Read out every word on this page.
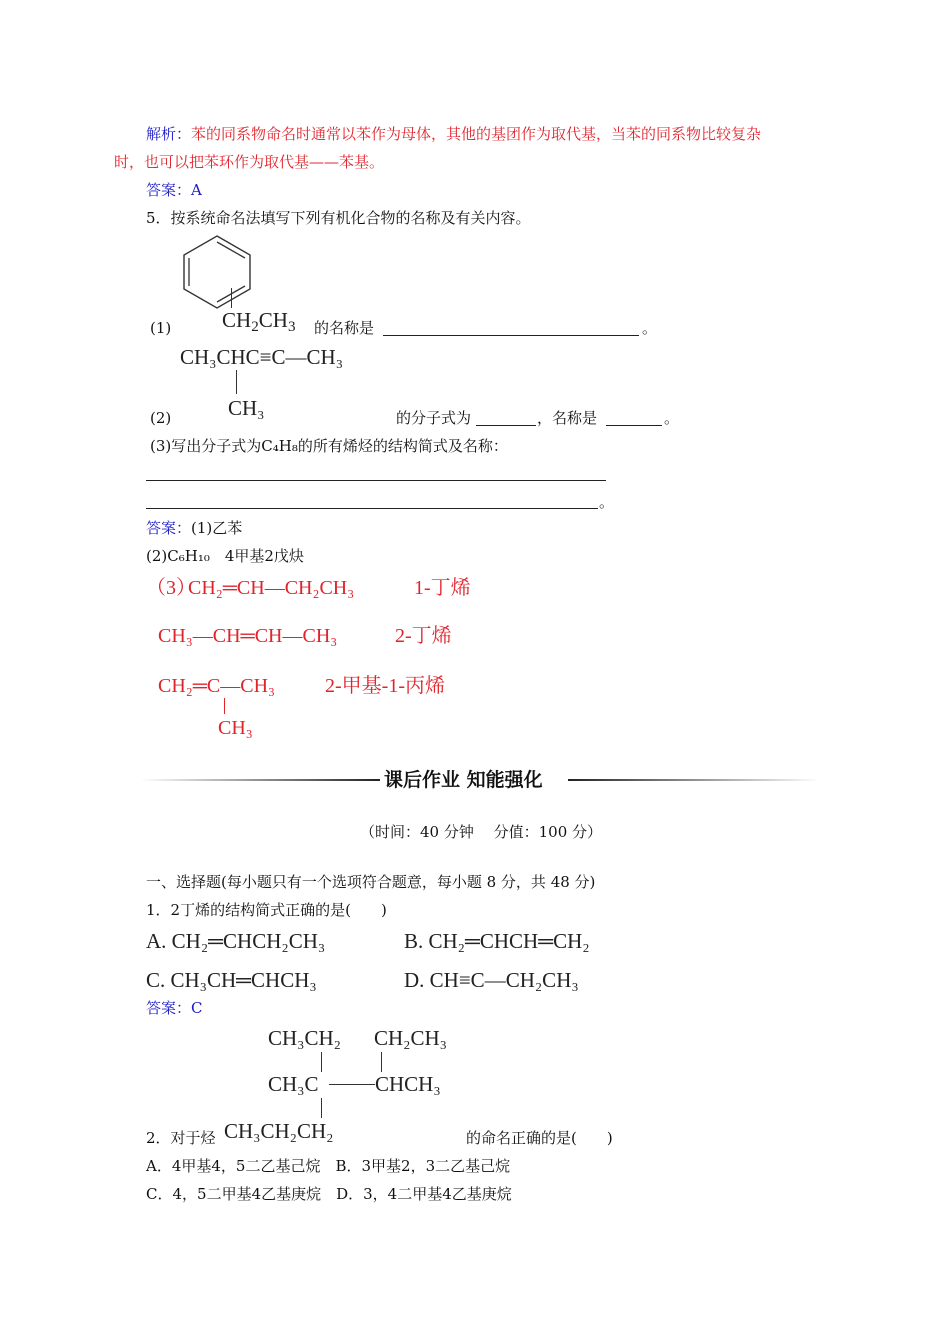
解析：苯的同系物命名时通常以苯作为母体，其他的基团作为取代基，当苯的同系物比较复杂
时，也可以把苯环作为取代基——苯基。
答案：A
5．按系统命名法填写下列有机化合物的名称及有关内容。
(1) $CH_2CH_3$ 的名称是	。
CH₃CHC≡C—CH₃
CH₃
(2)	的分子式为	，名称是	。
(3)写出分子式为C₄H₈的所有烯烃的结构简式及名称：
。
答案：(1)乙苯
(2)C₆H₁₀　4甲基2戊炔
（3）
CH₂═CH—CH₂CH₃	1-丁烯
CH₃—CH═CH—CH₃	2-丁烯
CH₂═C—CH₃ 2-甲基-1-丙烯
CH₃
课后作业 知能强化
（时间：40 分钟　 分值：100 分）
一、选择题(每小题只有一个选项符合题意，每小题 8 分，共 48 分)
1．2丁烯的结构简式正确的是(　　)
A. CH₂═CHCH₂CH₃	B. CH₂═CHCH═CH₂
C. CH₃CH═CHCH₃	D. CH≡C—CH₂CH₃
答案：C
CH₃CH₂ CH₂CH₃
CH₃C	CHCH₃
2．对于烃 CH₃CH₂CH₂	的命名正确的是(　　)
A．4甲基4，5二乙基己烷　B．3甲基2，3二乙基己烷
C．4，5二甲基4乙基庚烷　D．3，4二甲基4乙基庚烷
